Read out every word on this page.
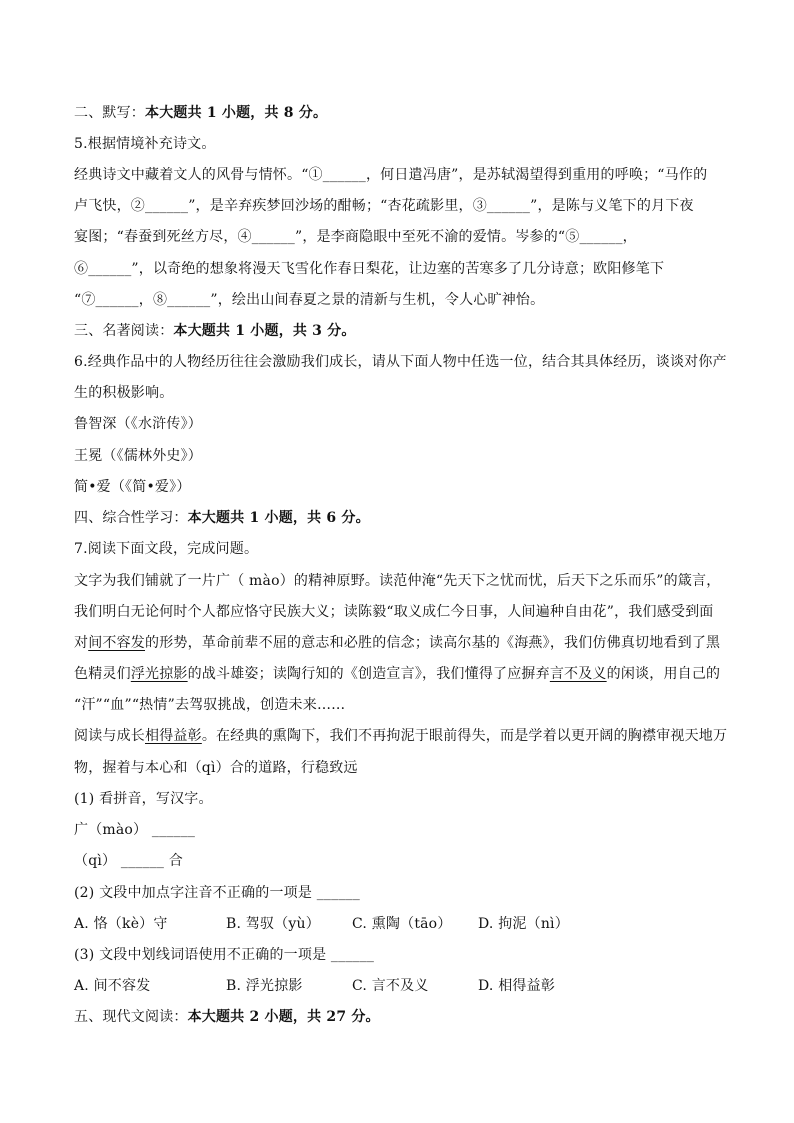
二、默写：本大题共 1 小题，共 8 分。
5.根据情境补充诗文。
经典诗文中藏着文人的风骨与情怀。“①______，何日遣冯唐”，是苏轼渴望得到重用的呼唤；“马作的
卢飞快，②______”，是辛弃疾梦回沙场的酣畅；“杏花疏影里，③______”，是陈与义笔下的月下夜
宴图；“春蚕到死丝方尽，④______”，是李商隐眼中至死不渝的爱情。岑参的“⑤______，
⑥______”，以奇绝的想象将漫天飞雪化作春日梨花，让边塞的苦寒多了几分诗意；欧阳修笔下
“⑦______，⑧______”，绘出山间春夏之景的清新与生机，令人心旷神怡。
三、名著阅读：本大题共 1 小题，共 3 分。
6.经典作品中的人物经历往往会激励我们成长，请从下面人物中任选一位，结合其具体经历，谈谈对你产
生的积极影响。
鲁智深（《水浒传》）
王冕（《儒林外史》）
简•爱（《简•爱》）
四、综合性学习：本大题共 1 小题，共 6 分。
7.阅读下面文段，完成问题。
文字为我们铺就了一片广（ mào）的精神原野。读范仲淹“先天下之忧而忧，后天下之乐而乐”的箴言，
我们明白无论何时个人都应恪守民族大义；读陈毅“取义成仁今日事，人间遍种自由花”，我们感受到面
对间不容发的形势，革命前辈不屈的意志和必胜的信念；读高尔基的《海燕》，我们仿佛真切地看到了黑
色精灵们浮光掠影的战斗雄姿；读陶行知的《创造宣言》，我们懂得了应摒弃言不及义的闲谈，用自己的
“汗”“血”“热情”去驾驭挑战，创造未来……
阅读与成长相得益彰。在经典的熏陶下，我们不再拘泥于眼前得失，而是学着以更开阔的胸襟审视天地万
物，握着与本心和（qì）合的道路，行稳致远
(1) 看拼音，写汉字。
广（mào） ______
（qì） ______ 合
(2) 文段中加点字注音不正确的一项是 ______
A. 恪（kè）守	B. 驾驭（yù） C. 熏陶（tāo） D. 拘泥（nì）
(3) 文段中划线词语使用不正确的一项是 ______
A. 间不容发	B. 浮光掠影	C. 言不及义	D. 相得益彰
五、现代文阅读：本大题共 2 小题，共 27 分。
